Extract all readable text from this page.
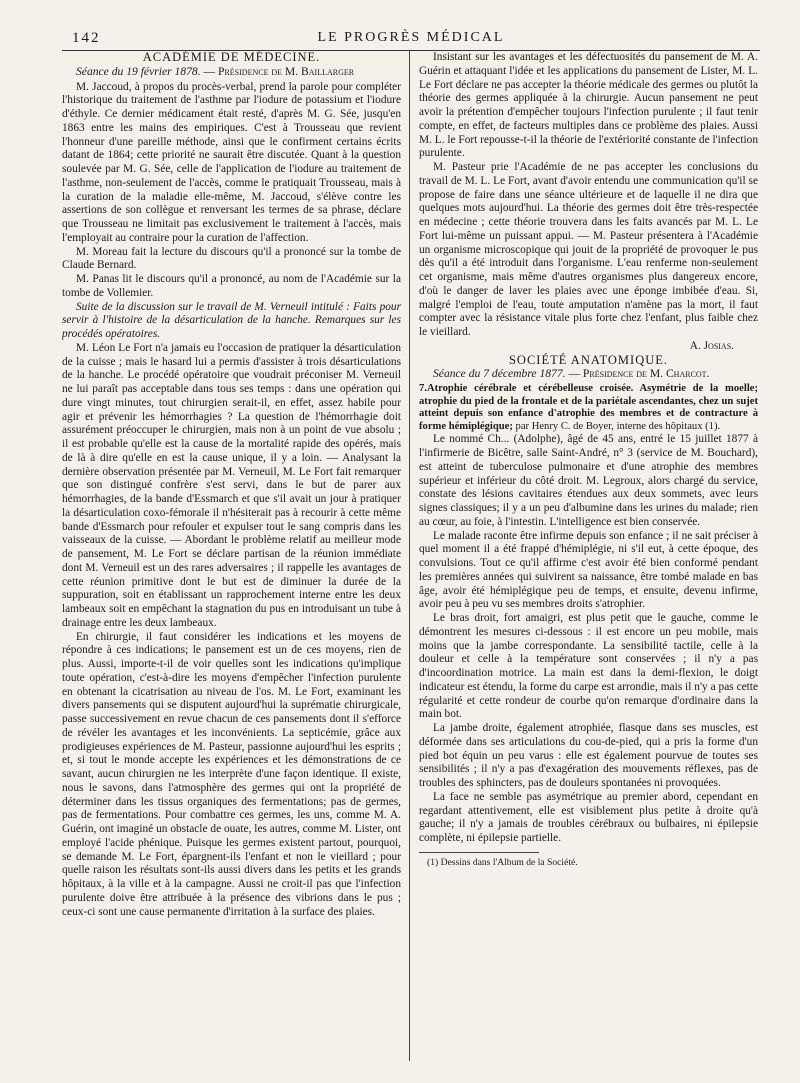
142	LE PROGRÈS MÉDICAL

ACADÉMIE DE MÉDECINE.

Séance du 19 février 1878. — Présidence de M. Baillarger

M. Jaccoud, à propos du procès-verbal, prend la parole pour compléter l'historique du traitement de l'asthme par l'iodure de potassium et l'iodure d'éthyle. Ce dernier médicament était resté, d'après M. G. Sée, jusqu'en 1863 entre les mains des empiriques. C'est à Trousseau que revient l'honneur d'une pareille méthode, ainsi que le confirment certains écrits datant de 1864; cette priorité ne saurait être discutée. Quant à la question soulevée par M. G. Sée, celle de l'application de l'iodure au traitement de l'asthme, non-seulement de l'accès, comme le pratiquait Trousseau, mais à la curation de la maladie elle-même, M. Jaccoud, s'élève contre les assertions de son collègue et renversant les termes de sa phrase, déclare que Trousseau ne limitait pas exclusivement le traitement à l'accès, mais l'employait au contraire pour la curation de l'affection.

M. Moreau fait la lecture du discours qu'il a prononcé sur la tombe de Claude Bernard.

M. Panas lit le discours qu'il a prononcé, au nom de l'Académie sur la tombe de Vollemier.

Suite de la discussion sur le travail de M. Verneuil intitulé : Faits pour servir à l'histoire de la désarticulation de la hanche. Remarques sur les procédés opératoires.

M. Léon Le Fort n'a jamais eu l'occasion de pratiquer la désarticulation de la cuisse ; mais le hasard lui a permis d'assister à trois désarticulations de la hanche. Le procédé opératoire que voudrait préconiser M. Verneuil ne lui paraît pas acceptable dans tous ses temps : dans une opération qui dure vingt minutes, tout chirurgien serait-il, en effet, assez habile pour agir et prévenir les hémorrhagies ? La question de l'hémorrhagie doit assurément préoccuper le chirurgien, mais non à un point de vue absolu ; il est probable qu'elle est la cause de la mortalité rapide des opérés, mais de là à dire qu'elle en est la cause unique, il y a loin. — Analysant la dernière observation présentée par M. Verneuil, M. Le Fort fait remarquer que son distingué confrère s'est servi, dans le but de parer aux hémorrhagies, de la bande d'Essmarch et que s'il avait un jour à pratiquer la désarticulation coxo-fémorale il n'hésiterait pas à recourir à cette même bande d'Essmarch pour refouler et expulser tout le sang compris dans les vaisseaux de la cuisse. — Abordant le problème relatif au meilleur mode de pansement, M. Le Fort se déclare partisan de la réunion immédiate dont M. Verneuil est un des rares adversaires ; il rappelle les avantages de cette réunion primitive dont le but est de diminuer la durée de la suppuration, soit en établissant un rapprochement interne entre les deux lambeaux soit en empêchant la stagnation du pus en introduisant un tube à drainage entre les deux lambeaux.

En chirurgie, il faut considérer les indications et les moyens de répondre à ces indications; le pansement est un de ces moyens, rien de plus. Aussi, importe-t-il de voir quelles sont les indications qu'implique toute opération, c'est-à-dire les moyens d'empêcher l'infection purulente en obtenant la cicatrisation au niveau de l'os. M. Le Fort, examinant les divers pansements qui se disputent aujourd'hui la suprématie chirurgicale, passe successivement en revue chacun de ces pansements dont il s'efforce de révéler les avantages et les inconvénients. La septicémie, grâce aux prodigieuses expériences de M. Pasteur, passionne aujourd'hui les esprits ; et, si tout le monde accepte les expériences et les démonstrations de ce savant, aucun chirurgien ne les interprète d'une façon identique. Il existe, nous le savons, dans l'atmosphère des germes qui ont la propriété de déterminer dans les tissus organiques des fermentations; pas de germes, pas de fermentations. Pour combattre ces germes, les uns, comme M. A. Guérin, ont imaginé un obstacle de ouate, les autres, comme M. Lister, ont employé l'acide phénique. Puisque les germes existent partout, pourquoi, se demande M. Le Fort, épargnent-ils l'enfant et non le vieillard ; pour quelle raison les résultats sont-ils aussi divers dans les petits et les grands hôpitaux, à la ville et à la campagne. Aussi ne croit-il pas que l'infection purulente doive être attribuée à la présence des vibrions dans le pus ; ceux-ci sont une cause permanente d'irritation à la surface des plaies.

Insistant sur les avantages et les défectuosités du pansement de M. A. Guérin et attaquant l'idée et les applications du pansement de Lister, M. L. Le Fort déclare ne pas accepter la théorie médicale des germes ou plutôt la théorie des germes appliquée à la chirurgie. Aucun pansement ne peut avoir la prétention d'empêcher toujours l'infection purulente ; il faut tenir compte, en effet, de facteurs multiples dans ce problème des plaies. Aussi M. L. le Fort repousse-t-il la théorie de l'extériorité constante de l'infection purulente.

M. Pasteur prie l'Académie de ne pas accepter les conclusions du travail de M. L. Le Fort, avant d'avoir entendu une communication qu'il se propose de faire dans une séance ultérieure et de laquelle il ne dira que quelques mots aujourd'hui. La théorie des germes doit être très-respectée en médecine ; cette théorie trouvera dans les faits avancés par M. L. Le Fort lui-même un puissant appui. — M. Pasteur présentera à l'Académie un organisme microscopique qui jouit de la propriété de provoquer le pus dès qu'il a été introduit dans l'organisme. L'eau renferme non-seulement cet organisme, mais même d'autres organismes plus dangereux encore, d'où le danger de laver les plaies avec une éponge imbibée d'eau. Si, malgré l'emploi de l'eau, toute amputation n'amène pas la mort, il faut compter avec la résistance vitale plus forte chez l'enfant, plus faible chez le vieillard.

A. Josias.

SOCIÉTÉ ANATOMIQUE.

Séance du 7 décembre 1877. — Présidence de M. Charcot.

7.Atrophie cérébrale et cérébelleuse croisée. Asymétrie de la moelle; atrophie du pied de la frontale et de la pariétale ascendantes, chez un sujet atteint depuis son enfance d'atrophie des membres et de contracture à forme hémiplégique; par Henry C. de Boyer, interne des hôpitaux (1).

Le nommé Ch... (Adolphe), âgé de 45 ans, entré le 15 juillet 1877 à l'infirmerie de Bicêtre, salle Saint-André, n° 3 (service de M. Bouchard), est atteint de tuberculose pulmonaire et d'une atrophie des membres supérieur et inférieur du côté droit. M. Legroux, alors chargé du service, constate des lésions cavitaires étendues aux deux sommets, avec leurs signes classiques; il y a un peu d'albumine dans les urines du malade; rien au cœur, au foie, à l'intestin. L'intelligence est bien conservée.

Le malade raconte être infirme depuis son enfance ; il ne sait préciser à quel moment il a été frappé d'hémiplégie, ni s'il eut, à cette époque, des convulsions. Tout ce qu'il affirme c'est avoir été bien conformé pendant les premières années qui suivirent sa naissance, être tombé malade en bas âge, avoir été hémiplégique peu de temps, et ensuite, devenu infirme, avoir peu à peu vu ses membres droits s'atrophier.

Le bras droit, fort amaigri, est plus petit que le gauche, comme le démontrent les mesures ci-dessous : il est encore un peu mobile, mais moins que la jambe correspondante. La sensibilité tactile, celle à la douleur et celle à la température sont conservées ; il n'y a pas d'incoordination motrice. La main est dans la demi-flexion, le doigt indicateur est étendu, la forme du carpe est arrondie, mais il n'y a pas cette régularité et cette rondeur de courbe qu'on remarque d'ordinaire dans la main bot.

La jambe droite, également atrophiée, flasque dans ses muscles, est déformée dans ses articulations du cou-de-pied, qui a pris la forme d'un pied bot équin un peu varus : elle est également pourvue de toutes ses sensibilités ; il n'y a pas d'exagération des mouvements réflexes, pas de troubles des sphincters, pas de douleurs spontanées ni provoquées.

La face ne semble pas asymétrique au premier abord, cependant en regardant attentivement, elle est visiblement plus petite à droite qu'à gauche; il n'y a jamais de troubles cérébraux ou bulbaires, ni épilepsie complète, ni épilepsie partielle.

(1) Dessins dans l'Album de la Société.
